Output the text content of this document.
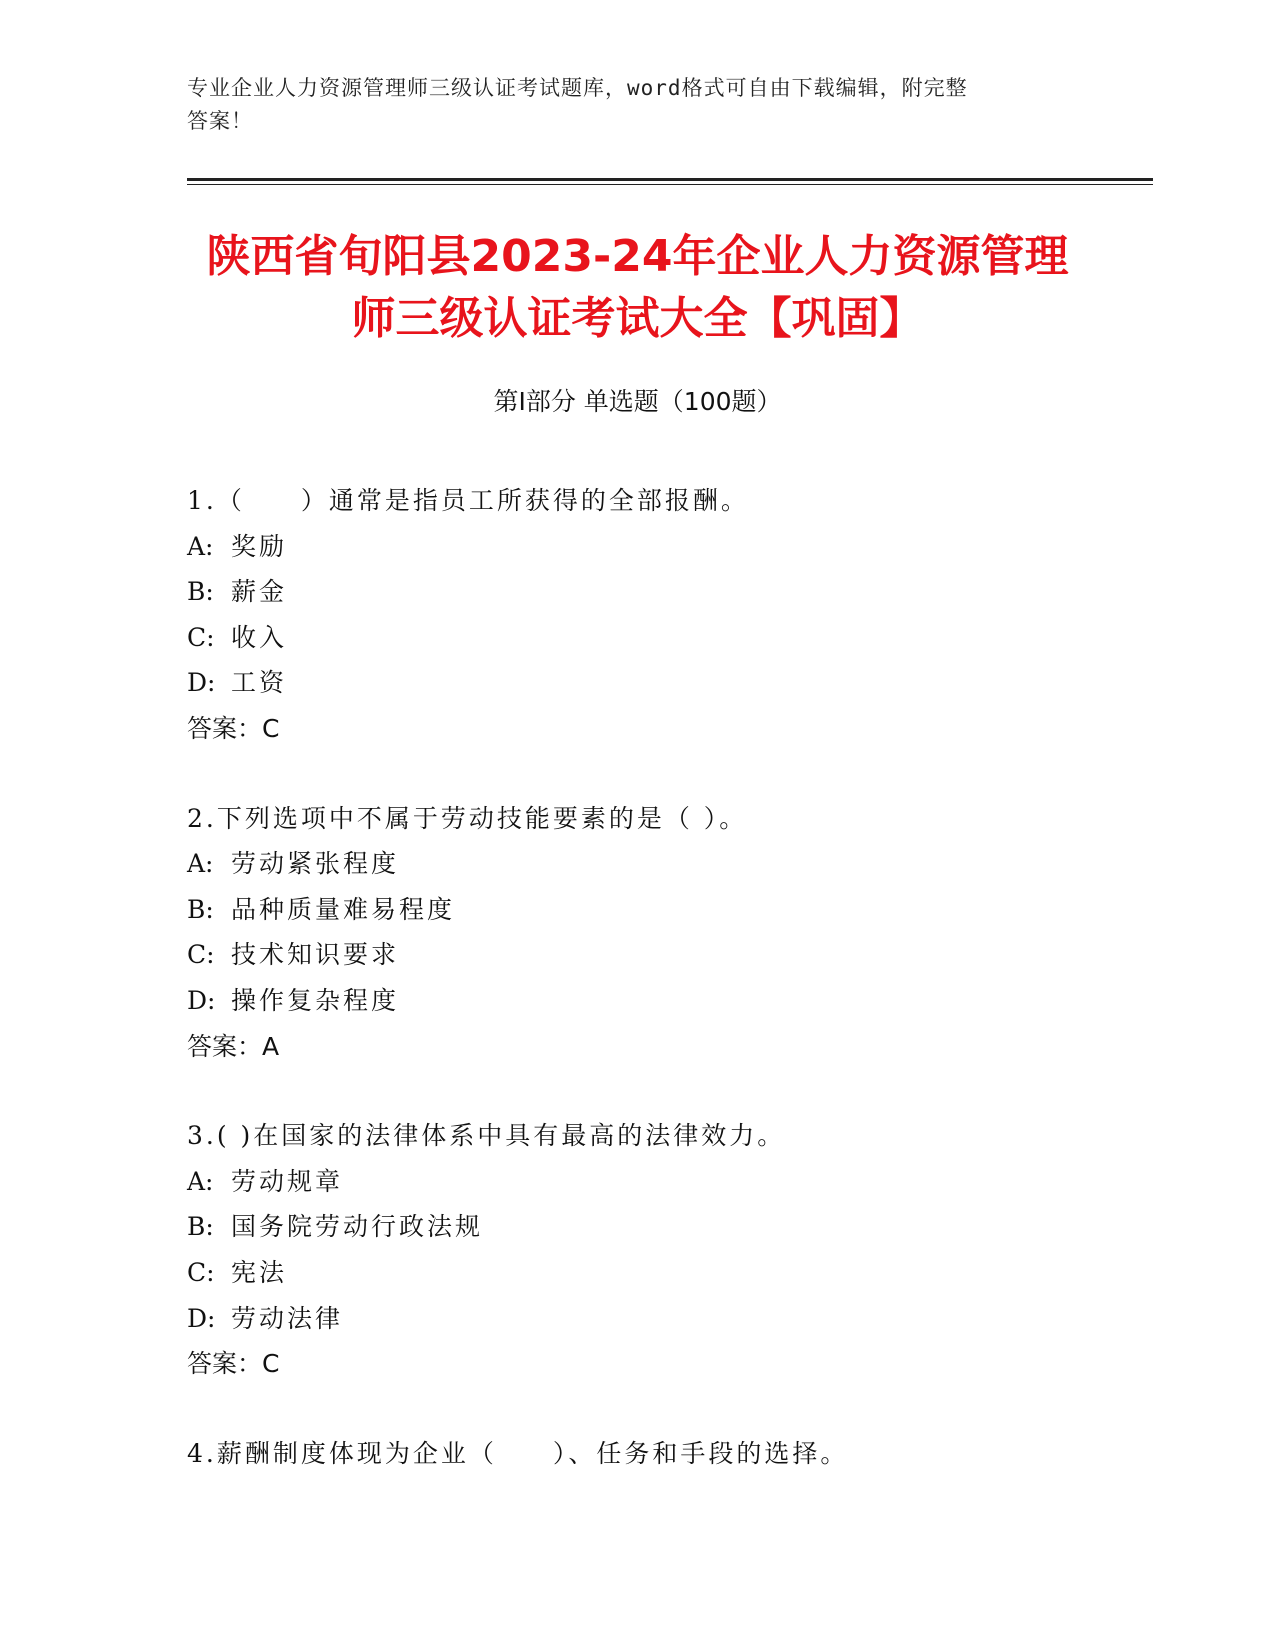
专业企业人力资源管理师三级认证考试题库，word格式可自由下载编辑，附完整
答案！
陕西省旬阳县2023-24年企业人力资源管理
师三级认证考试大全【巩固】
第I部分 单选题（100题）
1.（　　）通常是指员工所获得的全部报酬。
A: 奖励
B: 薪金
C: 收入
D: 工资
答案：C
2.下列选项中不属于劳动技能要素的是（ ）。
A: 劳动紧张程度
B: 品种质量难易程度
C: 技术知识要求
D: 操作复杂程度
答案：A
3.( )在国家的法律体系中具有最高的法律效力。
A: 劳动规章
B: 国务院劳动行政法规
C: 宪法
D: 劳动法律
答案：C
4.薪酬制度体现为企业（　　）、任务和手段的选择。
